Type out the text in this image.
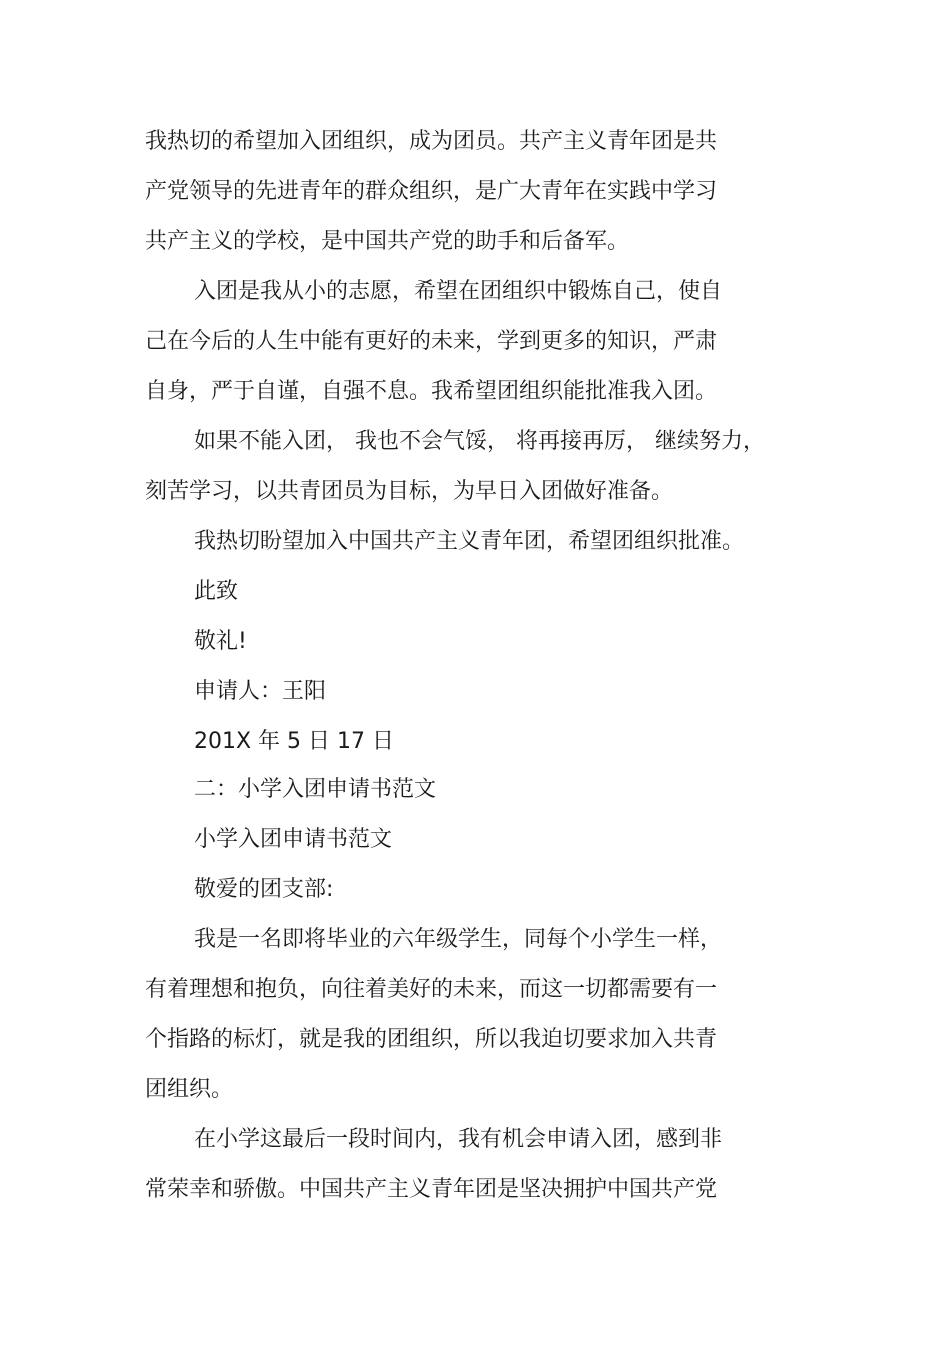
我热切的希望加入团组织，成为团员。共产主义青年团是共
产党领导的先进青年的群众组织，是广大青年在实践中学习
共产主义的学校，是中国共产党的助手和后备军。
入团是我从小的志愿，希望在团组织中锻炼自己，使自
己在今后的人生中能有更好的未来，学到更多的知识，严肃
自身，严于自谨，自强不息。我希望团组织能批准我入团。
如果不能入团， 我也不会气馁， 将再接再厉， 继续努力，
刻苦学习，以共青团员为目标，为早日入团做好准备。
我热切盼望加入中国共产主义青年团，希望团组织批准。
此致
敬礼!
申请人：王阳
201X 年 5 日 17 日
二：小学入团申请书范文
小学入团申请书范文
敬爱的团支部:
我是一名即将毕业的六年级学生，同每个小学生一样，
有着理想和抱负，向往着美好的未来，而这一切都需要有一
个指路的标灯，就是我的团组织，所以我迫切要求加入共青
团组织。
在小学这最后一段时间内，我有机会申请入团，感到非
常荣幸和骄傲。中国共产主义青年团是坚决拥护中国共产党
